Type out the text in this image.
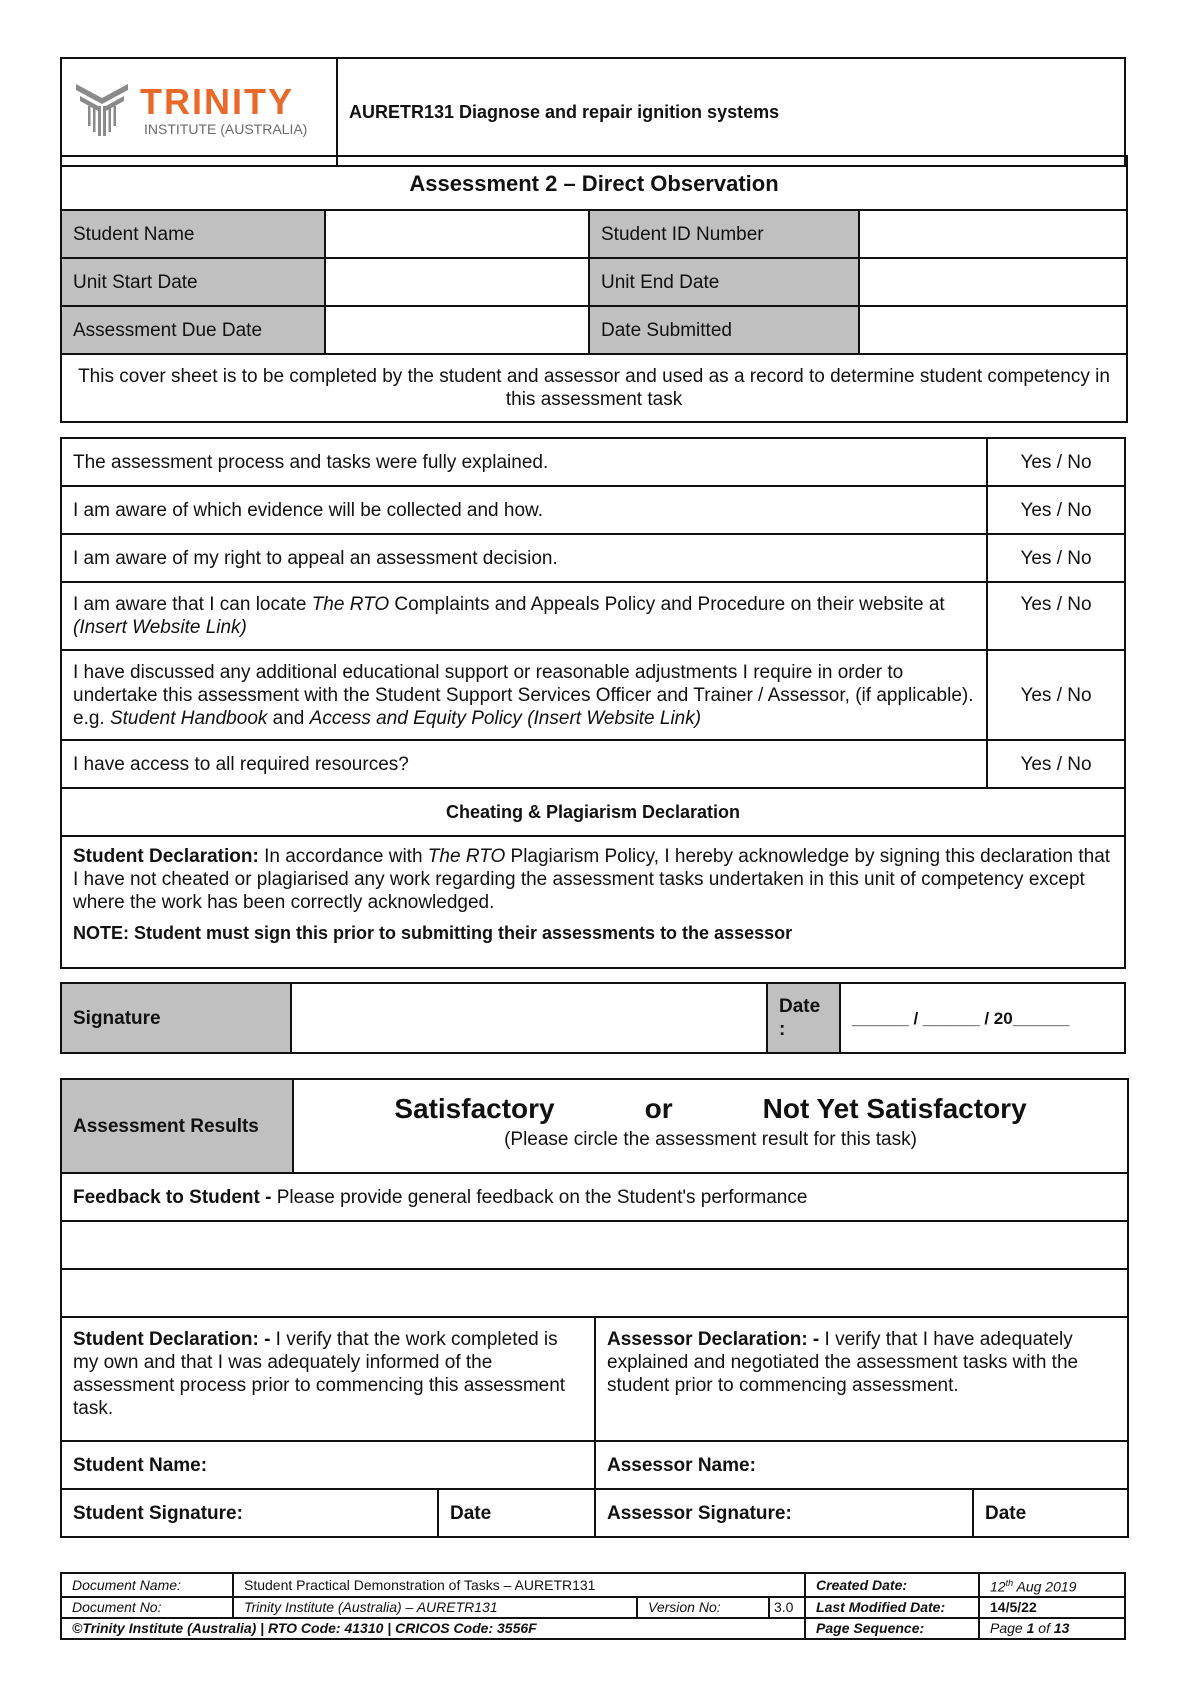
TRINITY
INSTITUTE (AUSTRALIA)
	AURETR131 Diagnose and repair ignition systems
Assessment 2 – Direct Observation			
Student Name		Student ID Number	
Unit Start Date		Unit End Date	
Assessment Due Date		Date Submitted	
This cover sheet is to be completed by the student and assessor and used as a record to determine student competency in this assessment task			
The assessment process and tasks were fully explained.	Yes / No
I am aware of which evidence will be collected and how.	Yes / No
I am aware of my right to appeal an assessment decision.	Yes / No
I am aware that I can locate The RTO Complaints and Appeals Policy and Procedure on their website at (Insert Website Link)	Yes / No
I have discussed any additional educational support or reasonable adjustments I require in order to undertake this assessment with the Student Support Services Officer and Trainer / Assessor, (if applicable). e.g. Student Handbook and Access and Equity Policy (Insert Website Link)	Yes / No
I have access to all required resources?	Yes / No
Cheating & Plagiarism Declaration	

Student Declaration: In accordance with The RTO Plagiarism Policy, I hereby acknowledge by signing this declaration that I have not cheated or plagiarised any work regarding the assessment tasks undertaken in this unit of competency except where the work has been correctly acknowledged.
NOTE: Student must sign this prior to submitting their assessments to the assessor	
Signature		Date :	______ / ______ / 20______
Assessment Results	Satisfactory or Not Yet Satisfactory
(Please circle the assessment result for this task)			

Feedback to Student - Please provide general feedback on the Student's performance				

Student Declaration: - I verify that the work completed is my own and that I was adequately informed of the assessment process prior to commencing this assessment task.			Assessor Declaration: - I verify that I have adequately explained and negotiated the assessment tasks with the student prior to commencing assessment.	
Student Name:			Assessor Name:	
Student Signature:		Date	Assessor Signature:	Date
Document Name:	Student Practical Demonstration of Tasks – AURETR131			Created Date:	12th Aug 2019
Document No:	Trinity Institute (Australia) – AURETR131	Version No:	3.0	Last Modified Date:	14/5/22
©Trinity Institute (Australia) | RTO Code: 41310 | CRICOS Code: 3556F				Page Sequence:	Page 1 of 13
